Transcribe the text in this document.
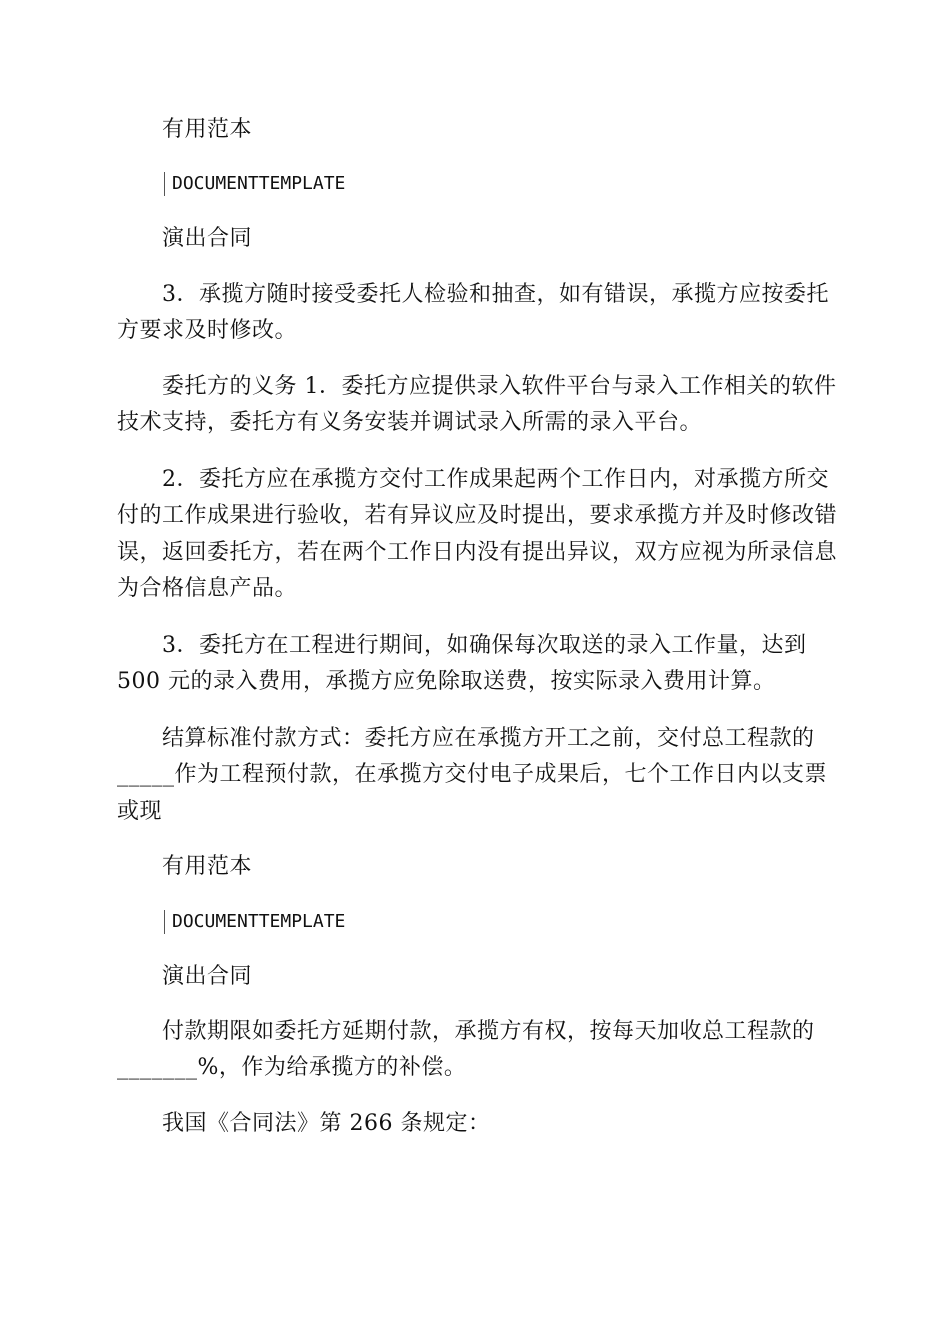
有用范本
DOCUMENTTEMPLATE
演出合同
3．承揽方随时接受委托人检验和抽查，如有错误，承揽方应按委托
方要求及时修改。
委托方的义务 1．委托方应提供录入软件平台与录入工作相关的软件
技术支持，委托方有义务安装并调试录入所需的录入平台。
2．委托方应在承揽方交付工作成果起两个工作日内，对承揽方所交
付的工作成果进行验收，若有异议应及时提出，要求承揽方并及时修改错
误，返回委托方，若在两个工作日内没有提出异议，双方应视为所录信息
为合格信息产品。
3．委托方在工程进行期间，如确保每次取送的录入工作量，达到
500 元的录入费用，承揽方应免除取送费，按实际录入费用计算。
结算标准付款方式：委托方应在承揽方开工之前，交付总工程款的
_____作为工程预付款，在承揽方交付电子成果后，七个工作日内以支票
或现
有用范本
DOCUMENTTEMPLATE
演出合同
付款期限如委托方延期付款，承揽方有权，按每天加收总工程款的
_______%，作为给承揽方的补偿。
我国《合同法》第 266 条规定：
